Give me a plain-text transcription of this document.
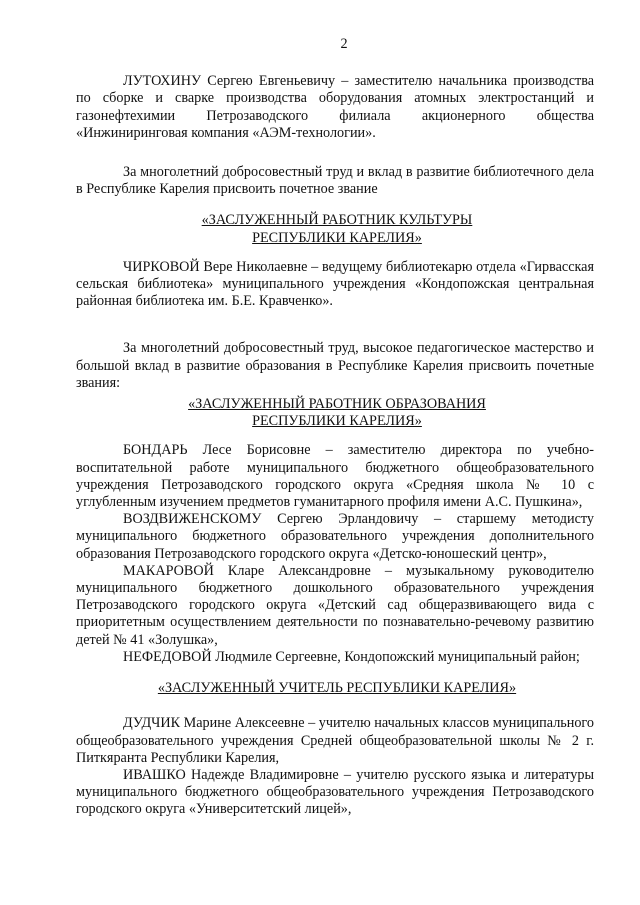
2

ЛУТОХИНУ Сергею Евгеньевичу – заместителю начальника производства по сборке и сварке производства оборудования атомных электростанций и газонефтехимии Петрозаводского филиала акционерного общества «Инжиниринговая компания «АЭМ-технологии».

За многолетний добросовестный труд и вклад в развитие библиотечного дела в Республике Карелия присвоить почетное звание

«ЗАСЛУЖЕННЫЙ РАБОТНИК КУЛЬТУРЫ
РЕСПУБЛИКИ КАРЕЛИЯ»

ЧИРКОВОЙ Вере Николаевне – ведущему библиотекарю отдела «Гирвасская сельская библиотека» муниципального учреждения «Кондопожская центральная районная библиотека им. Б.Е. Кравченко».

За многолетний добросовестный труд, высокое педагогическое мастерство и большой вклад в развитие образования в Республике Карелия присвоить почетные звания:

«ЗАСЛУЖЕННЫЙ РАБОТНИК ОБРАЗОВАНИЯ
РЕСПУБЛИКИ КАРЕЛИЯ»

БОНДАРЬ Лесе Борисовне – заместителю директора по учебно-воспитательной работе муниципального бюджетного общеобразовательного учреждения Петрозаводского городского округа «Средняя школа № 10 с углубленным изучением предметов гуманитарного профиля имени А.С. Пушкина»,

ВОЗДВИЖЕНСКОМУ Сергею Эрландовичу – старшему методисту муниципального бюджетного образовательного учреждения дополнительного образования Петрозаводского городского округа «Детско-юношеский центр»,

МАКАРОВОЙ Кларе Александровне – музыкальному руководителю муниципального бюджетного дошкольного образовательного учреждения Петрозаводского городского округа «Детский сад общеразвивающего вида с приоритетным осуществлением деятельности по познавательно-речевому развитию детей № 41 «Золушка»,

НЕФЕДОВОЙ Людмиле Сергеевне, Кондопожский муниципальный район;

«ЗАСЛУЖЕННЫЙ УЧИТЕЛЬ РЕСПУБЛИКИ КАРЕЛИЯ»

ДУДЧИК Марине Алексеевне – учителю начальных классов муниципального общеобразовательного учреждения Средней общеобразовательной школы № 2 г. Питкяранта Республики Карелия,

ИВАШКО Надежде Владимировне – учителю русского языка и литературы муниципального бюджетного общеобразовательного учреждения Петрозаводского городского округа «Университетский лицей»,
